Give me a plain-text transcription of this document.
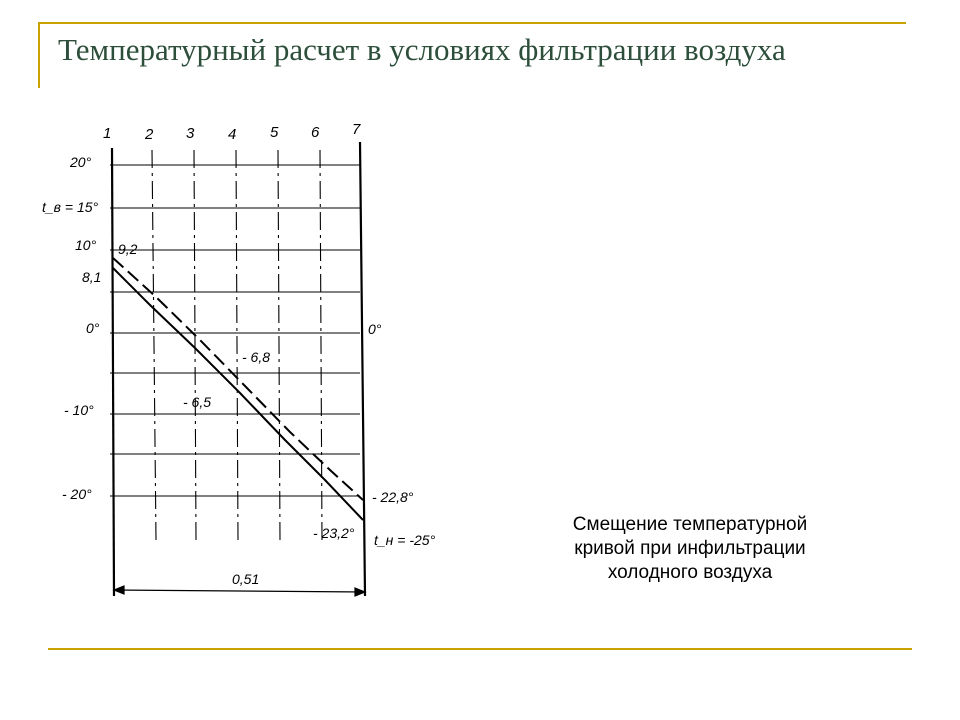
Температурный расчет в условиях фильтрации воздуха
1 2 3 4 5 6 7
20°
t_в = 15°
10°
8,1
0°
- 10°
- 20°
0°
- 22,8°
t_н = -25°
9,2
- 6,8
- 6,5
- 23,2°
0,51
Смещение температурной
кривой при инфильтрации
холодного воздуха
